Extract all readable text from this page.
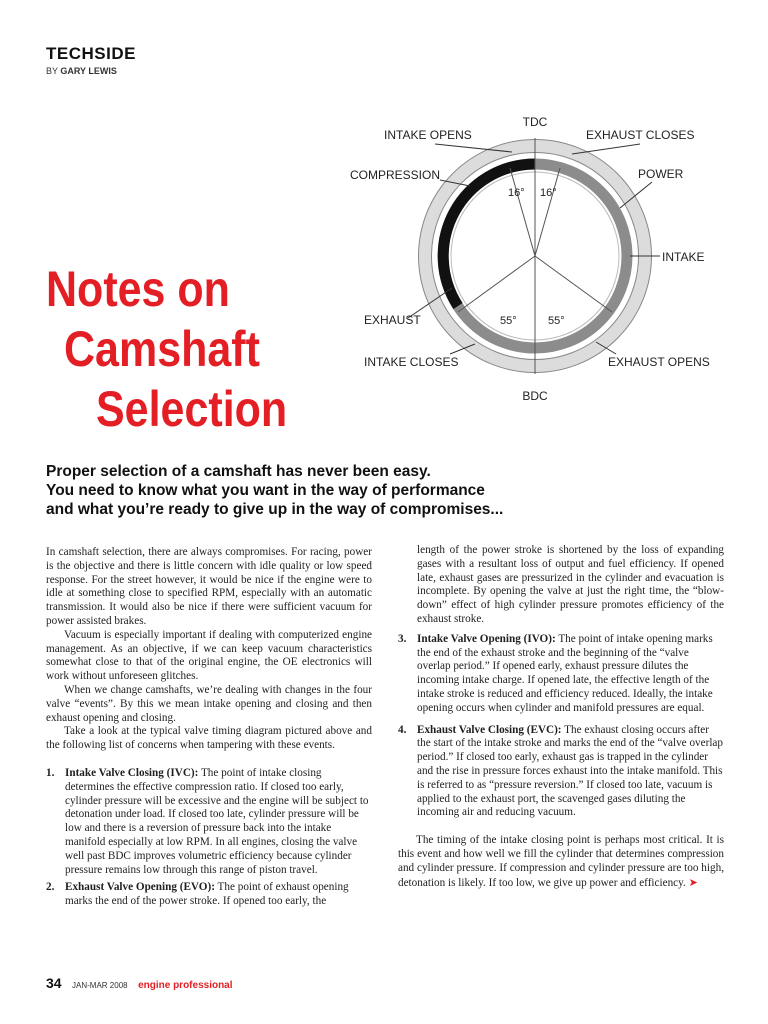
TECHSIDE
BY GARY LEWIS
Notes on
Camshaft
Selection
TDC
BDC
INTAKE OPENS	EXHAUST CLOSES
COMPRESSION	POWER
INTAKE
EXHAUST
INTAKE CLOSES	EXHAUST OPENS
16° 16°
55°	55°
Proper selection of a camshaft has never been easy.
You need to know what you want in the way of performance
and what you’re ready to give up in the way of compromises...

In camshaft selection, there are always compromises. For racing, power is the objective and there is little concern with idle quality or low speed response. For the street however, it would be nice if the engine were to idle at something close to specified RPM, especially with an automatic transmission. It would also be nice if there were sufficient vacuum for power assisted brakes.

Vacuum is especially important if dealing with computerized engine management. As an objective, if we can keep vacuum characteristics somewhat close to that of the original engine, the OE electronics will work without unforeseen glitches.

When we change camshafts, we’re dealing with changes in the four valve “events”. By this we mean intake opening and closing and then exhaust opening and closing.

Take a look at the typical valve timing diagram pictured above and the following list of concerns when tampering with these events.

1. Intake Valve Closing (IVC): The point of intake closing determines the effective compression ratio. If closed too early, cylinder pressure will be excessive and the engine will be subject to detonation under load. If closed too late, cylinder pressure will be low and there is a reversion of pressure back into the intake manifold especially at low RPM. In all engines, closing the valve well past BDC improves volumetric efficiency because cylinder pressure remains low through this range of piston travel.
2. Exhaust Valve Opening (EVO): The point of exhaust opening marks the end of the power stroke. If opened too early, the

length of the power stroke is shortened by the loss of expanding gases with a resultant loss of output and fuel efficiency. If opened late, exhaust gases are pressurized in the cylinder and evacuation is incomplete. By opening the valve at just the right time, the “blow-down” effect of high cylinder pressure promotes efficiency of the exhaust stroke.

3. Intake Valve Opening (IVO): The point of intake opening marks the end of the exhaust stroke and the beginning of the “valve overlap period.” If opened early, exhaust pressure dilutes the incoming intake charge. If opened late, the effective length of the intake stroke is reduced and efficiency reduced. Ideally, the intake opening occurs when cylinder and manifold pressures are equal.
4. Exhaust Valve Closing (EVC): The exhaust closing occurs after the start of the intake stroke and marks the end of the “valve overlap period.” If closed too early, exhaust gas is trapped in the cylinder and the rise in pressure forces exhaust into the intake manifold. This is referred to as “pressure reversion.” If closed too late, vacuum is applied to the exhaust port, the scavenged gases diluting the incoming air and reducing vacuum.

The timing of the intake closing point is perhaps most critical. It is this event and how well we fill the cylinder that determines compression and cylinder pressure. If compression and cylinder pressure are too high, detonation is likely. If too low, we give up power and efficiency. ➤

34 JAN-MAR 2008 engine professional
